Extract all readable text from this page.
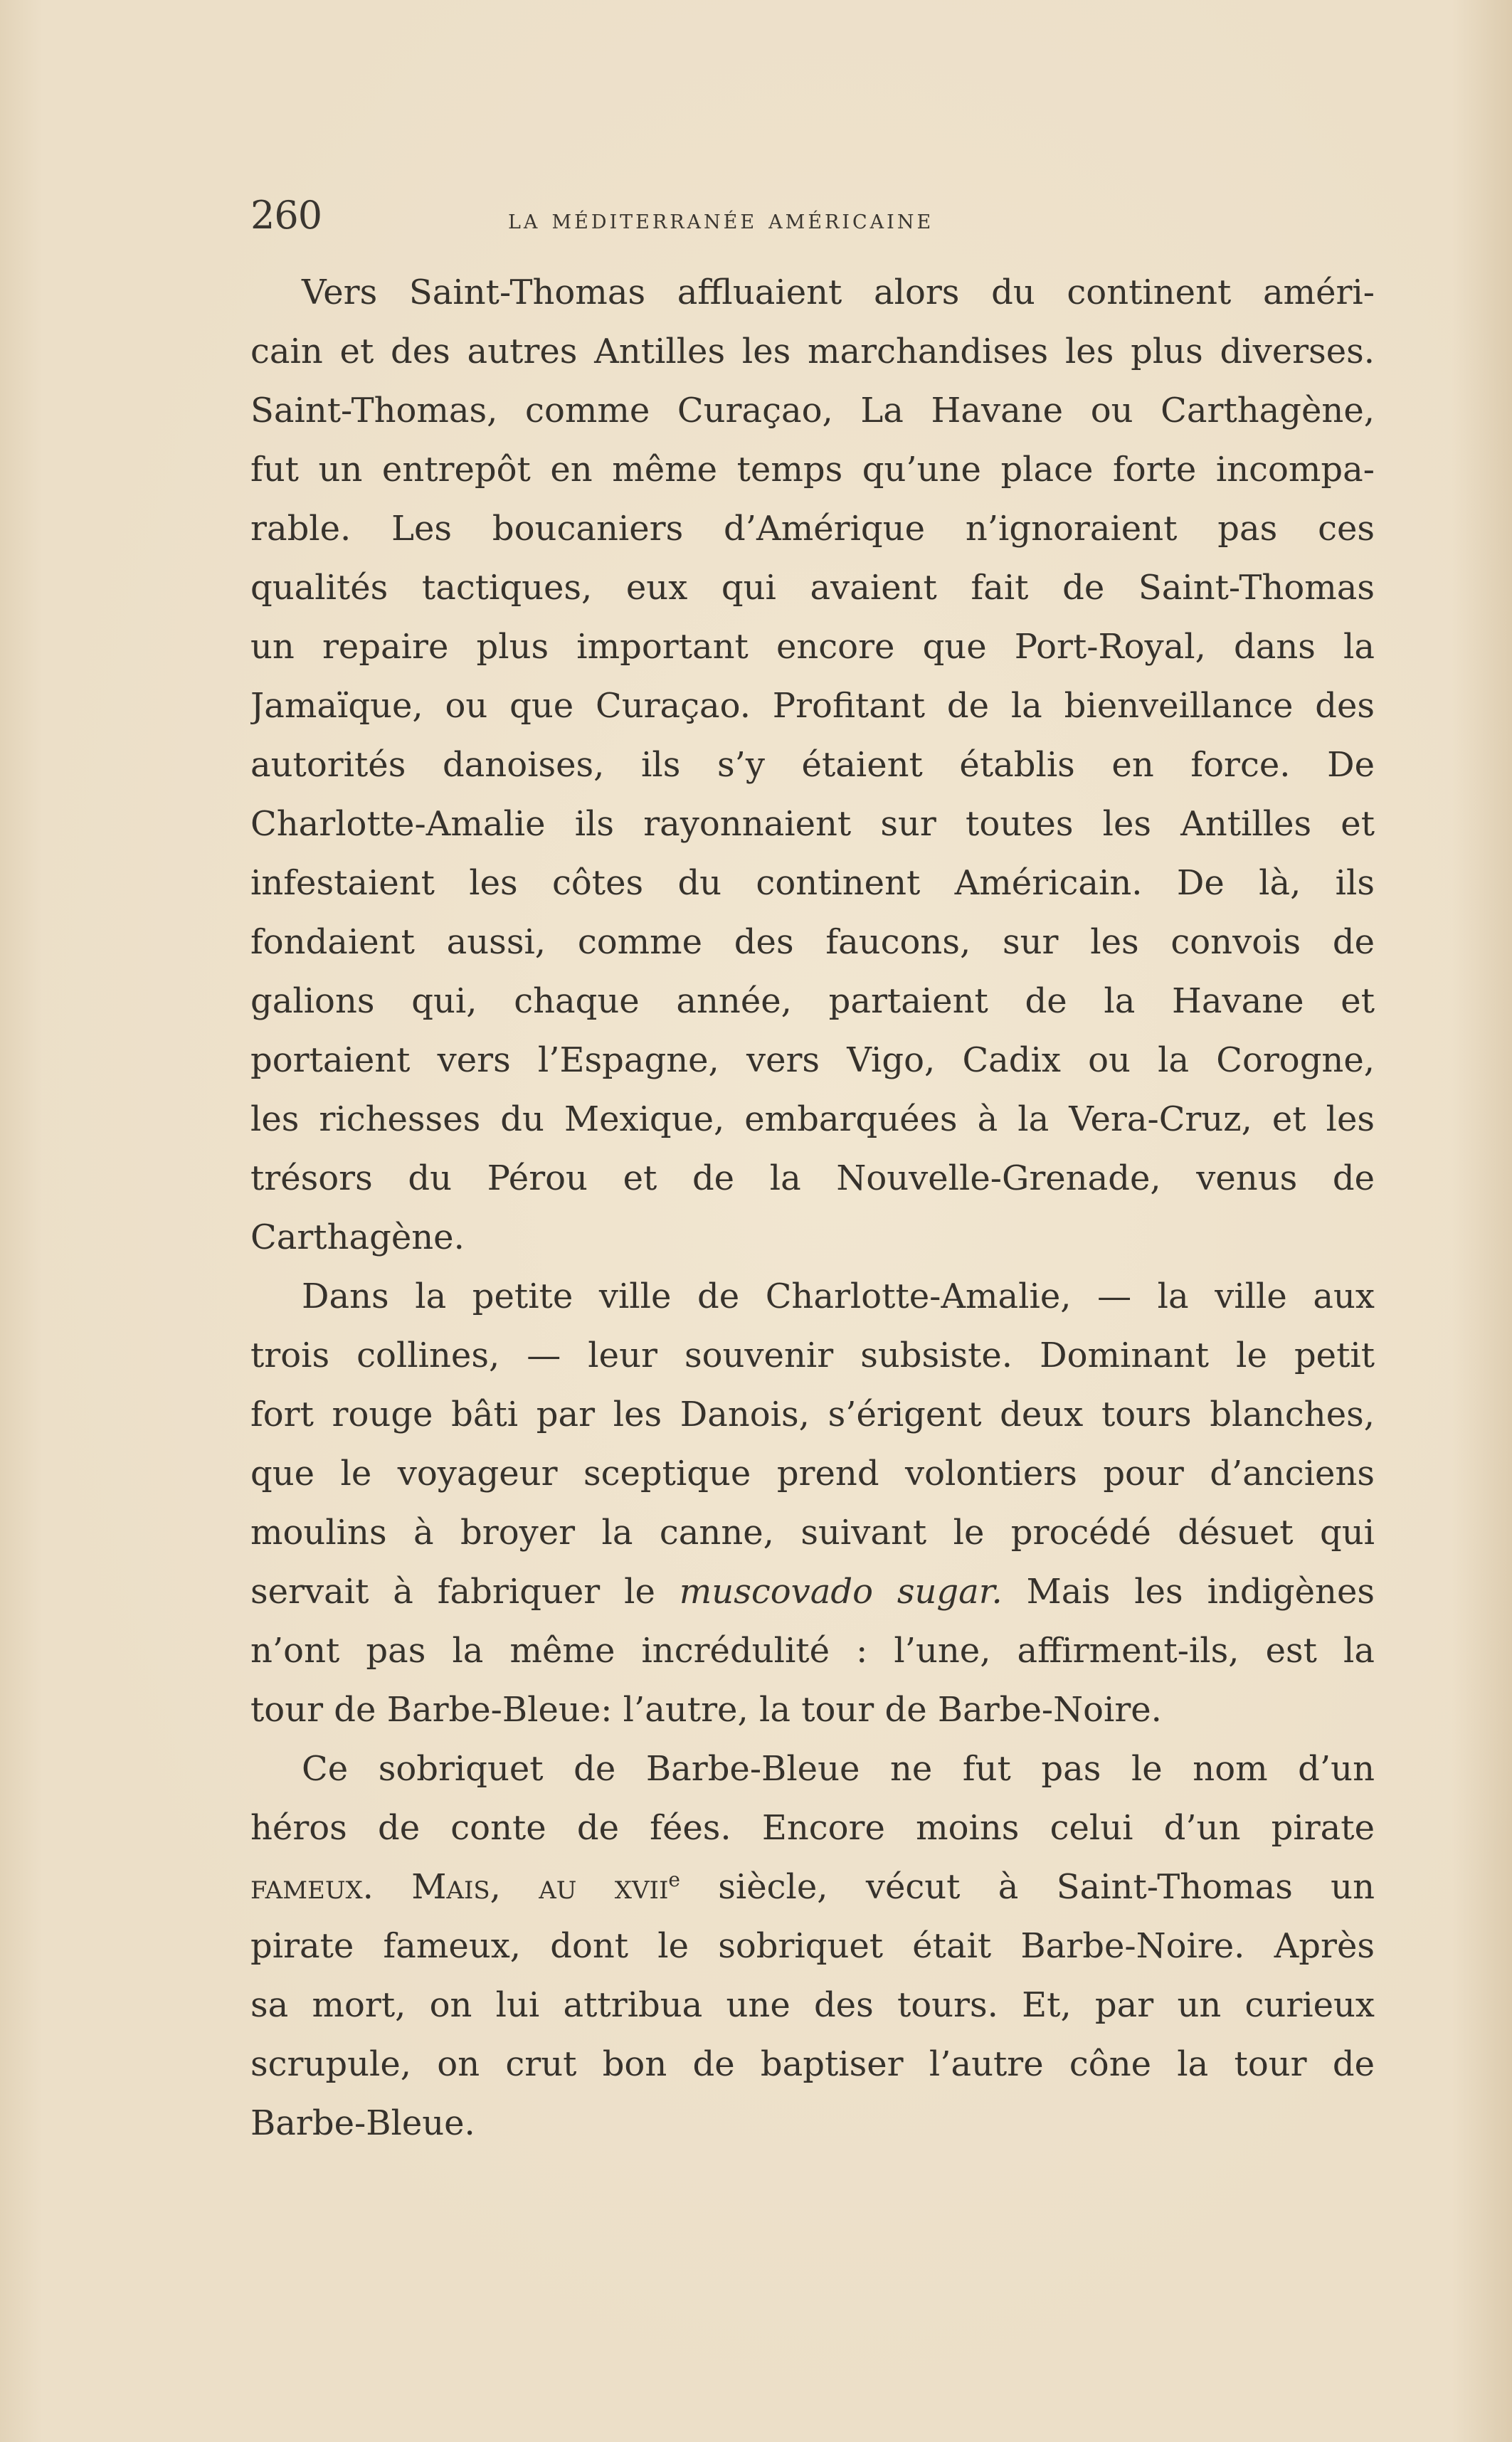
260	la méditerranée américaine
Vers Saint-Thomas affluaient alors du continent améri-
cain et des autres Antilles les marchandises les plus diverses.
Saint-Thomas, comme Curaçao, La Havane ou Carthagène,
fut un entrepôt en même temps qu’une place forte incompa-
rable. Les boucaniers d’Amérique n’ignoraient pas ces
qualités tactiques, eux qui avaient fait de Saint-Thomas
un repaire plus important encore que Port-Royal, dans la
Jamaïque, ou que Curaçao. Profitant de la bienveillance des
autorités danoises, ils s’y étaient établis en force. De
Charlotte-Amalie ils rayonnaient sur toutes les Antilles et
infestaient les côtes du continent Américain. De là, ils
fondaient aussi, comme des faucons, sur les convois de
galions qui, chaque année, partaient de la Havane et
portaient vers l’Espagne, vers Vigo, Cadix ou la Corogne,
les richesses du Mexique, embarquées à la Vera-Cruz, et les
trésors du Pérou et de la Nouvelle-Grenade, venus de
Carthagène.
Dans la petite ville de Charlotte-Amalie, — la ville aux
trois collines, — leur souvenir subsiste. Dominant le petit
fort rouge bâti par les Danois, s’érigent deux tours blanches,
que le voyageur sceptique prend volontiers pour d’anciens
moulins à broyer la canne, suivant le procédé désuet qui
servait à fabriquer le muscovado sugar. Mais les indigènes
n’ont pas la même incrédulité : l’une, affirment-ils, est la
tour de Barbe-Bleue: l’autre, la tour de Barbe-Noire.
Ce sobriquet de Barbe-Bleue ne fut pas le nom d’un
héros de conte de fées. Encore moins celui d’un pirate
fameux. Mais, au xvii$^e$ siècle, vécut à Saint-Thomas un
pirate fameux, dont le sobriquet était Barbe-Noire. Après
sa mort, on lui attribua une des tours. Et, par un curieux
scrupule, on crut bon de baptiser l’autre cône la tour de
Barbe-Bleue.
